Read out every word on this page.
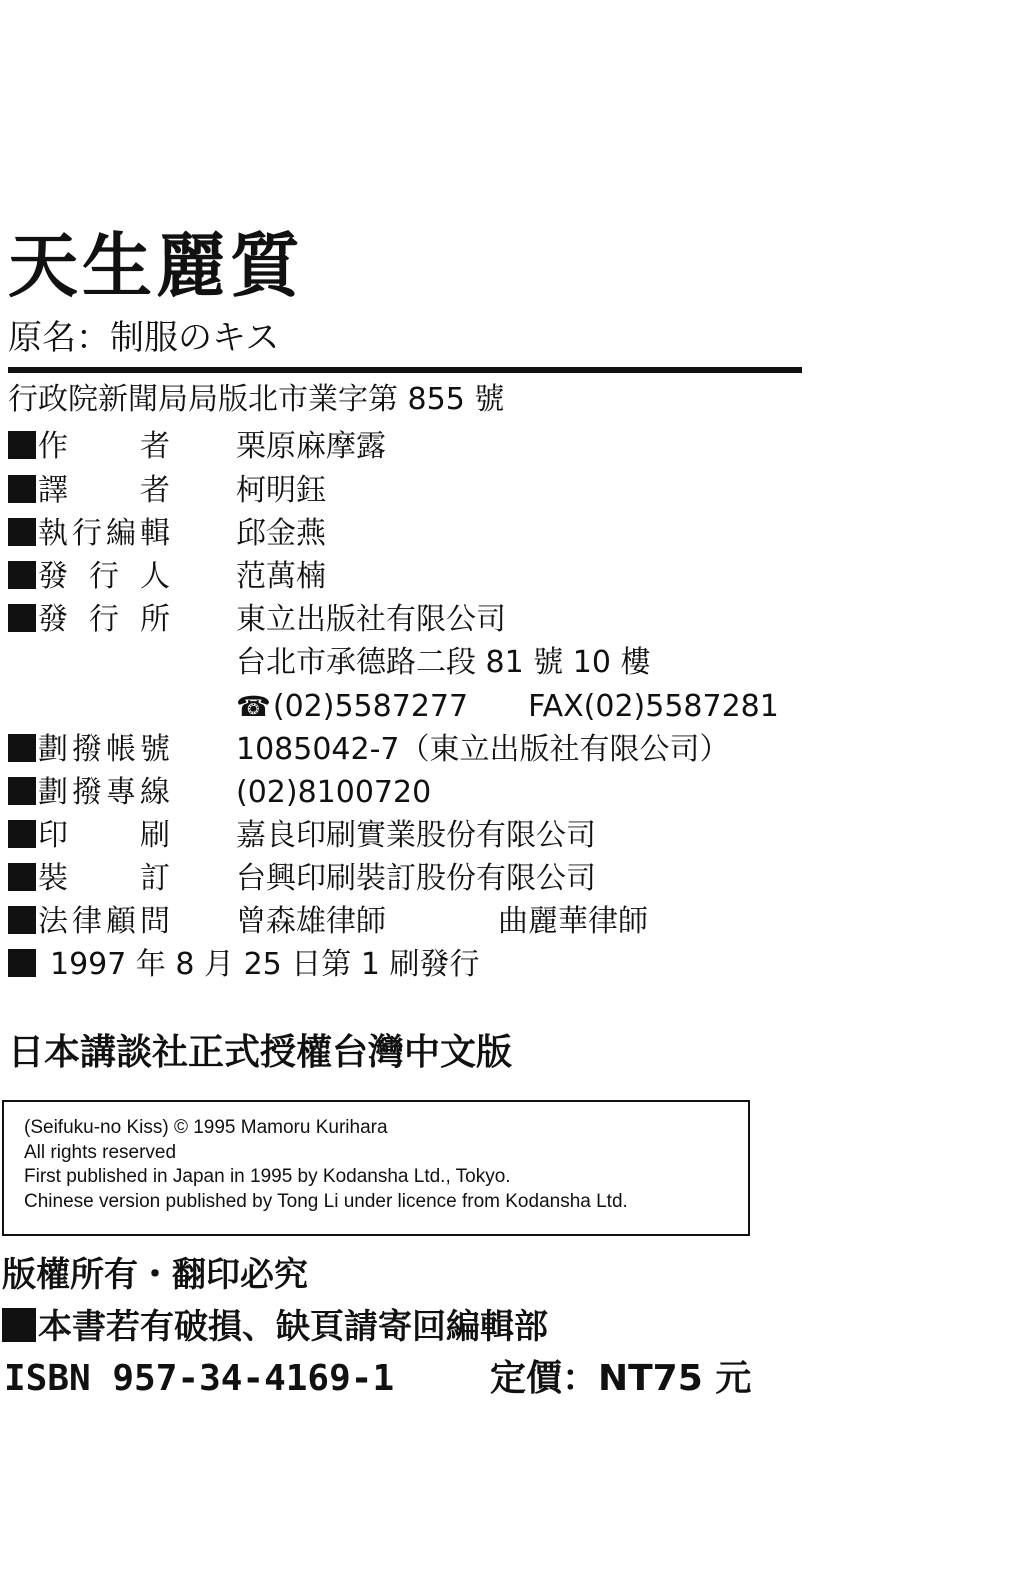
天生麗質
原名：制服のキス
行政院新聞局局版北市業字第 855 號
作者 栗原麻摩露
譯者 柯明鈺
執行編輯 邱金燕
發行人 范萬楠
發行所 東立出版社有限公司
台北市承德路二段 81 號 10 樓
☎(02)5587277 FAX(02)5587281
劃撥帳號 1085042-7（東立出版社有限公司）
劃撥專線 (02)8100720
印刷 嘉良印刷實業股份有限公司
裝訂 台興印刷裝訂股份有限公司
法律顧問 曾森雄律師	曲麗華律師
1997 年 8 月 25 日第 1 刷發行
日本講談社正式授權台灣中文版
(Seifuku-no Kiss) © 1995 Mamoru Kurihara
All rights reserved
First published in Japan in 1995 by Kodansha Ltd., Tokyo.
Chinese version published by Tong Li under licence from Kodansha Ltd.
版權所有・翻印必究
本書若有破損、缺頁請寄回編輯部
ISBN 957-34-4169-1	定價：NT75 元
